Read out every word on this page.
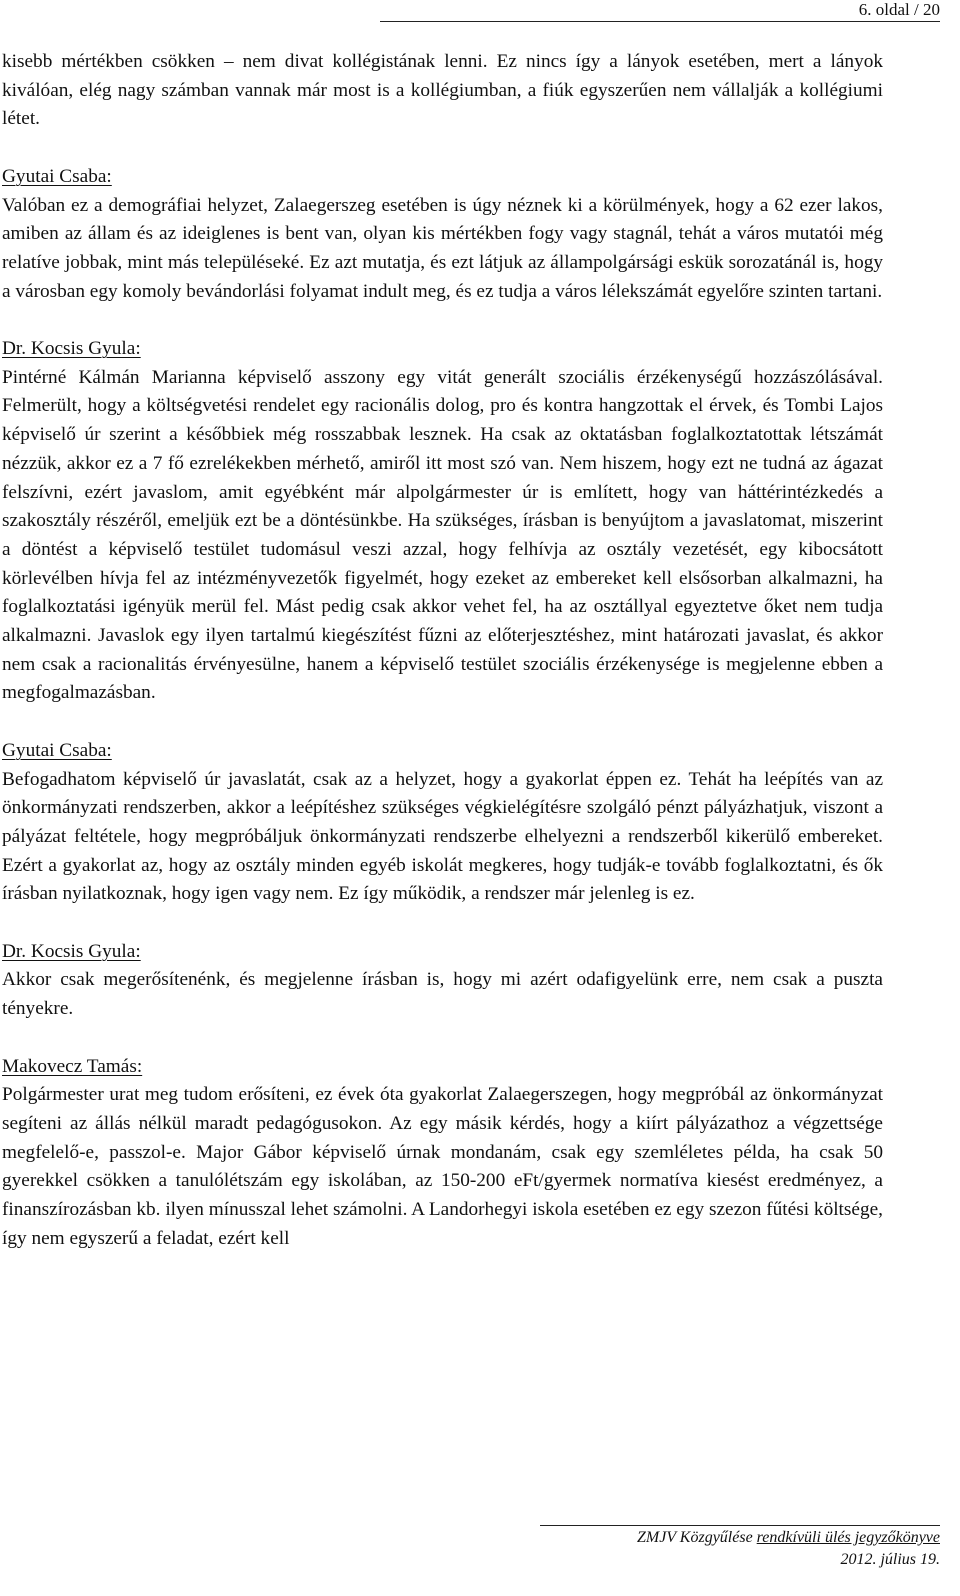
6. oldal / 20

kisebb mértékben csökken – nem divat kollégistának lenni. Ez nincs így a lányok esetében, mert a lányok kiválóan, elég nagy számban vannak már most is a kollégiumban, a fiúk egyszerűen nem vállalják a kollégiumi létet.

Gyutai Csaba:

Valóban ez a demográfiai helyzet, Zalaegerszeg esetében is úgy néznek ki a körülmények, hogy a 62 ezer lakos, amiben az állam és az ideiglenes is bent van, olyan kis mértékben fogy vagy stagnál, tehát a város mutatói még relatíve jobbak, mint más településeké. Ez azt mutatja, és ezt látjuk az állampolgársági eskük sorozatánál is, hogy a városban egy komoly bevándorlási folyamat indult meg, és ez tudja a város lélekszámát egyelőre szinten tartani.

Dr. Kocsis Gyula:

Pintérné Kálmán Marianna képviselő asszony egy vitát generált szociális érzékenységű hozzászólásával. Felmerült, hogy a költségvetési rendelet egy racionális dolog, pro és kontra hangzottak el érvek, és Tombi Lajos képviselő úr szerint a későbbiek még rosszabbak lesznek. Ha csak az oktatásban foglalkoztatottak létszámát nézzük, akkor ez a 7 fő ezrelékekben mérhető, amiről itt most szó van. Nem hiszem, hogy ezt ne tudná az ágazat felszívni, ezért javaslom, amit egyébként már alpolgármester úr is említett, hogy van háttérintézkedés a szakosztály részéről, emeljük ezt be a döntésünkbe. Ha szükséges, írásban is benyújtom a javaslatomat, miszerint a döntést a képviselő testület tudomásul veszi azzal, hogy felhívja az osztály vezetését, egy kibocsátott körlevélben hívja fel az intézményvezetők figyelmét, hogy ezeket az embereket kell elsősorban alkalmazni, ha foglalkoztatási igényük merül fel. Mást pedig csak akkor vehet fel, ha az osztállyal egyeztetve őket nem tudja alkalmazni. Javaslok egy ilyen tartalmú kiegészítést fűzni az előterjesztéshez, mint határozati javaslat, és akkor nem csak a racionalitás érvényesülne, hanem a képviselő testület szociális érzékenysége is megjelenne ebben a megfogalmazásban.

Gyutai Csaba:

Befogadhatom képviselő úr javaslatát, csak az a helyzet, hogy a gyakorlat éppen ez. Tehát ha leépítés van az önkormányzati rendszerben, akkor a leépítéshez szükséges végkielégítésre szolgáló pénzt pályázhatjuk, viszont a pályázat feltétele, hogy megpróbáljuk önkormányzati rendszerbe elhelyezni a rendszerből kikerülő embereket. Ezért a gyakorlat az, hogy az osztály minden egyéb iskolát megkeres, hogy tudják-e tovább foglalkoztatni, és ők írásban nyilatkoznak, hogy igen vagy nem. Ez így működik, a rendszer már jelenleg is ez.

Dr. Kocsis Gyula:

Akkor csak megerősítenénk, és megjelenne írásban is, hogy mi azért odafigyelünk erre, nem csak a puszta tényekre.

Makovecz Tamás:

Polgármester urat meg tudom erősíteni, ez évek óta gyakorlat Zalaegerszegen, hogy megpróbál az önkormányzat segíteni az állás nélkül maradt pedagógusokon. Az egy másik kérdés, hogy a kiírt pályázathoz a végzettsége megfelelő-e, passzol-e. Major Gábor képviselő úrnak mondanám, csak egy szemléletes példa, ha csak 50 gyerekkel csökken a tanulólétszám egy iskolában, az 150-200 eFt/gyermek normatíva kiesést eredményez, a finanszírozásban kb. ilyen mínusszal lehet számolni. A Landorhegyi iskola esetében ez egy szezon fűtési költsége, így nem egyszerű a feladat, ezért kell

ZMJV Közgyűlése rendkívüli ülés jegyzőkönyve
2012. július 19.
